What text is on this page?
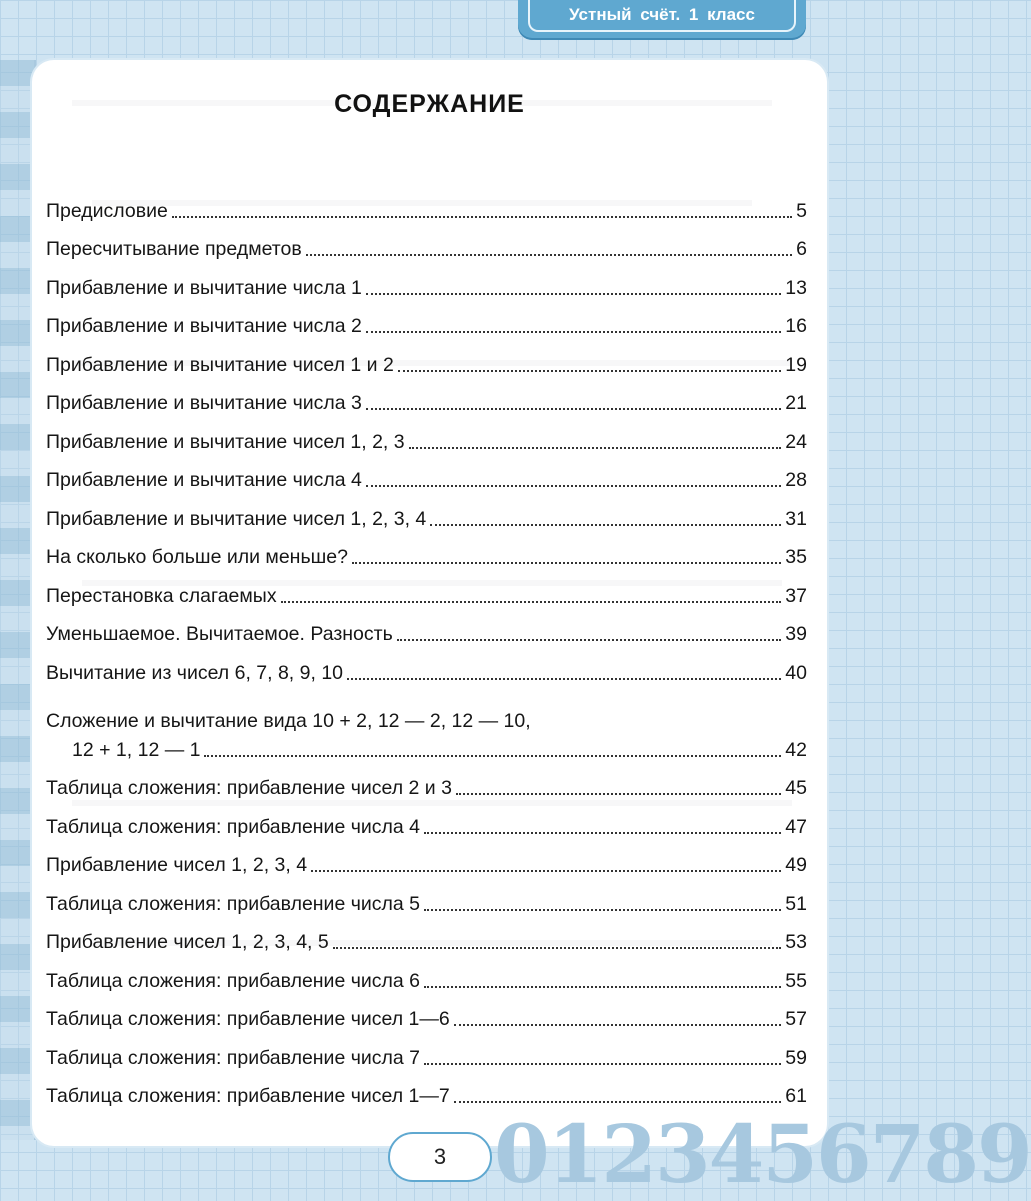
Устный счёт. 1 класс
СОДЕРЖАНИЕ
Предисловие	5
Пересчитывание предметов	6
Прибавление и вычитание числа 1	13
Прибавление и вычитание числа 2	16
Прибавление и вычитание чисел 1 и 2	19
Прибавление и вычитание числа 3	21
Прибавление и вычитание чисел 1, 2, 3	24
Прибавление и вычитание числа 4	28
Прибавление и вычитание чисел 1, 2, 3, 4	31
На сколько больше или меньше?	35
Перестановка слагаемых	37
Уменьшаемое. Вычитаемое. Разность	39
Вычитание из чисел 6, 7, 8, 9, 10	40
Сложение и вычитание вида 10 + 2, 12 — 2, 12 — 10,
12 + 1, 12 — 1	42
Таблица сложения: прибавление чисел 2 и 3	45
Таблица сложения: прибавление числа 4	47
Прибавление чисел 1, 2, 3, 4	49
Таблица сложения: прибавление числа 5	51
Прибавление чисел 1, 2, 3, 4, 5	53
Таблица сложения: прибавление числа 6	55
Таблица сложения: прибавление чисел 1—6	57
Таблица сложения: прибавление числа 7	59
Таблица сложения: прибавление чисел 1—7	61
3 0123456789
